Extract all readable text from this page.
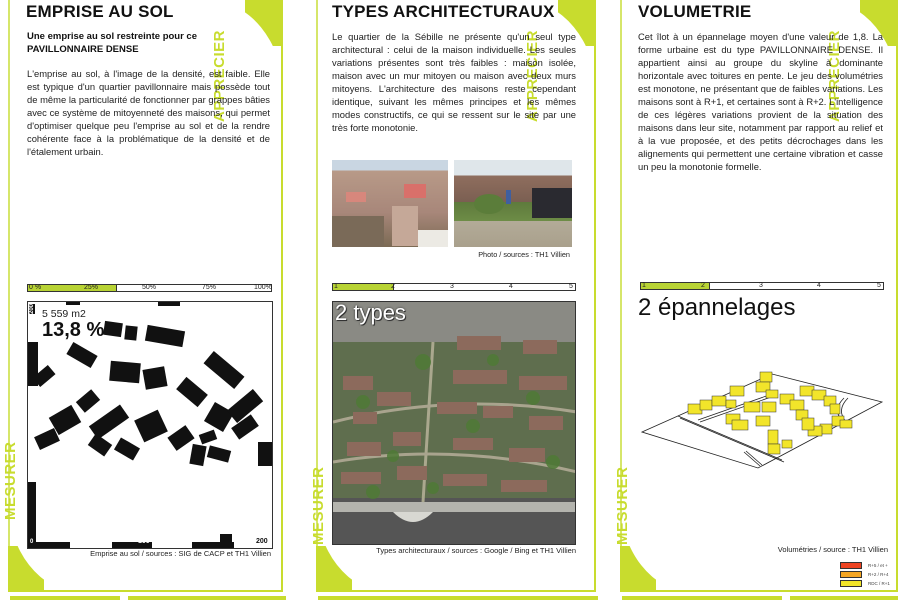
APPRECIER
MESURER
EMPRISE AU SOL
Une emprise au sol restreinte pour ce PAVILLONNAIRE DENSE
L'emprise au sol, à l'image de la densité, est faible. Elle est typique d'un quartier pavillonnaire mais possède tout de même la particularité de fonctionner par grappes bâties avec ce système de mitoyenneté des maisons, qui permet d'optimiser quelque peu l'emprise au sol et de la rendre cohérente face à la problématique de la densité et de l'étalement urbain.
0 %	25%	50%	75%	100%
5 559 m2
13,8 %
200
100
0	100	200
Emprise au sol / sources : SIG de CACP et TH1 Villien
APPRECIER
MESURER
TYPES ARCHITECTURAUX
Le quartier de la Sébille ne présente qu'un seul type architectural : celui de la maison individuelle. Les seules variations présentes sont très faibles : maison isolée, maison avec un mur mitoyen ou maison avec deux murs mitoyens. L'architecture des maisons reste cependant identique, suivant les mêmes principes et les mêmes modes constructifs, ce qui se ressent sur le site par une très forte monotonie.
Photo / sources : TH1 Villien
1	2	3	4	5
2 types
Types architecturaux / sources : Google / Bing et TH1 Villien
APPRECIER
MESURER
VOLUMETRIE
Cet îlot à un épannelage moyen d'une valeur de 1,8. La forme urbaine est du type PAVILLONNAIRE DENSE. Il appartient ainsi au groupe du skyline à dominante horizontale avec toitures en pente. Le jeu des volumétries est monotone, ne présentant que de faibles variations. Les maisons sont à R+1, et certaines sont à R+2. L'intelligence de ces légères variations provient de la situation des maisons dans leur site, notamment par rapport au relief et à la vue proposée, et des petits décrochages dans les alignements qui permettent une certaine vibration et casse un peu la monotonie formelle.
1	2	3	4	5
2 épannelages
Volumétries / source : TH1 Villien
R+5 / et +
R+2 / R+4
RDC / R+1
